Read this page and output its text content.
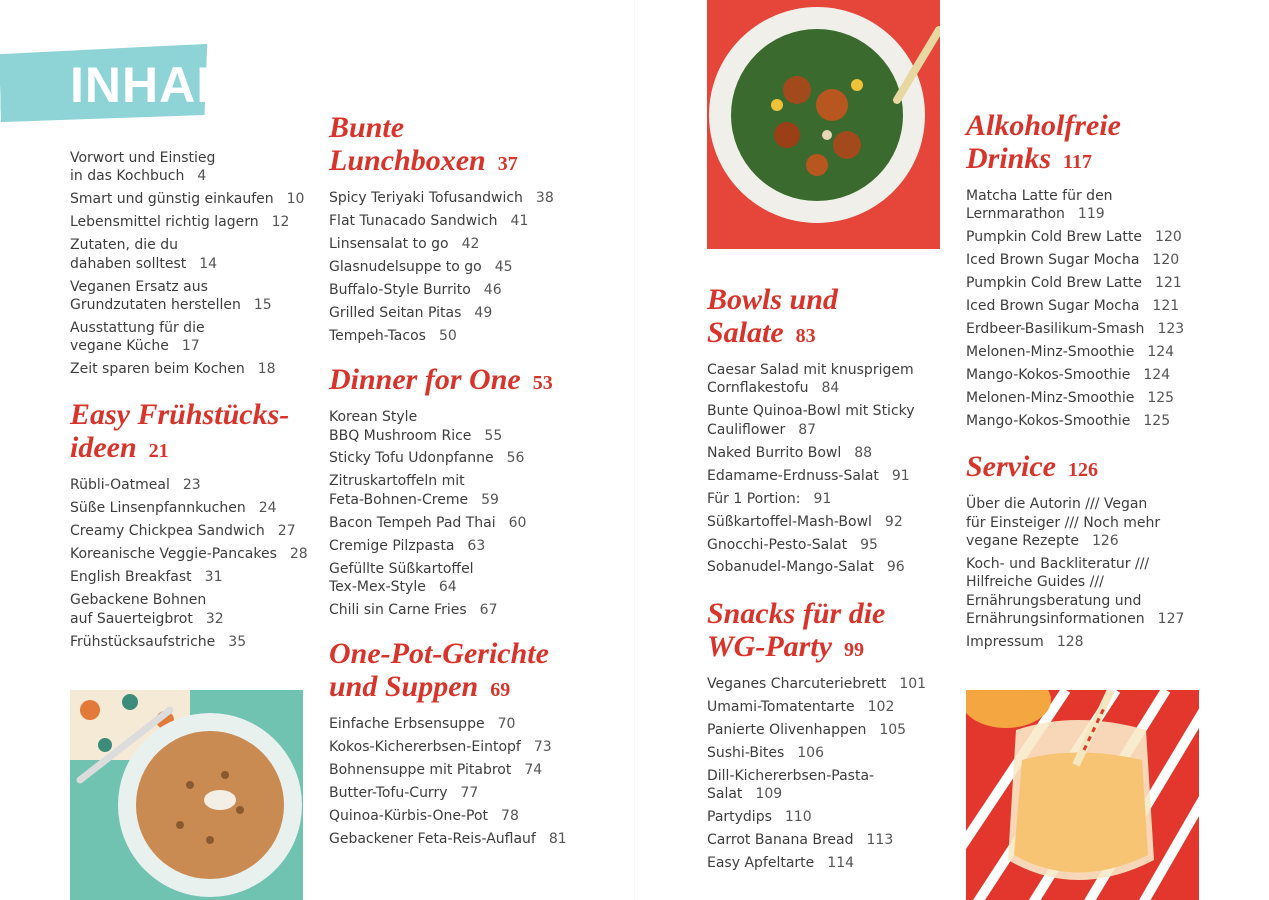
INHALT
Vorwort und Einstieg
in das Kochbuch 4
Smart und günstig einkaufen 10
Lebensmittel richtig lagern 12
Zutaten, die du
dahaben solltest 14
Veganen Ersatz aus
Grundzutaten herstellen 15
Ausstattung für die
vegane Küche 17
Zeit sparen beim Kochen 18
Easy Frühstücks-
ideen 21
Rübli-Oatmeal 23
Süße Linsenpfannkuchen 24
Creamy Chickpea Sandwich 27
Koreanische Veggie-Pancakes 28
English Breakfast 31
Gebackene Bohnen
auf Sauerteigbrot 32
Frühstücksaufstriche 35
Bunte Lunchboxen 37
Spicy Teriyaki Tofusandwich 38
Flat Tunacado Sandwich 41
Linsensalat to go 42
Glasnudelsuppe to go 45
Buffalo-Style Burrito 46
Grilled Seitan Pitas 49
Tempeh-Tacos 50
Dinner for One 53
Korean Style
BBQ Mushroom Rice 55
Sticky Tofu Udonpfanne 56
Zitruskartoffeln mit
Feta-Bohnen-Creme 59
Bacon Tempeh Pad Thai 60
Cremige Pilzpasta 63
Gefüllte Süßkartoffel
Tex-Mex-Style 64
Chili sin Carne Fries 67
One-Pot-Gerichte
und Suppen 69
Einfache Erbsensuppe 70
Kokos-Kichererbsen-Eintopf 73
Bohnensuppe mit Pitabrot 74
Butter-Tofu-Curry 77
Quinoa-Kürbis-One-Pot 78
Gebackener Feta-Reis-Auflauf 81
Bowls und Salate 83
Caesar Salad mit knusprigem
Cornflakestofu 84
Bunte Quinoa-Bowl mit Sticky
Cauliflower 87
Naked Burrito Bowl 88
Edamame-Erdnuss-Salat 91
Für 1 Portion: 91
Süßkartoffel-Mash-Bowl 92
Gnocchi-Pesto-Salat 95
Sobanudel-Mango-Salat 96
Snacks für die
WG-Party 99
Veganes Charcuteriebrett 101
Umami-Tomatentarte 102
Panierte Olivenhappen 105
Sushi-Bites 106
Dill-Kichererbsen-Pasta-Salat 109
Partydips 110
Carrot Banana Bread 113
Easy Apfeltarte 114
Alkoholfreie
Drinks 117
Matcha Latte für den
Lernmarathon 119
Pumpkin Cold Brew Latte 120
Iced Brown Sugar Mocha 120
Pumpkin Cold Brew Latte 121
Iced Brown Sugar Mocha 121
Erdbeer-Basilikum-Smash 123
Melonen-Minz-Smoothie 124
Mango-Kokos-Smoothie 124
Melonen-Minz-Smoothie 125
Mango-Kokos-Smoothie 125
Service 126
Über die Autorin /// Vegan
für Einsteiger /// Noch mehr
vegane Rezepte 126
Koch- und Backliteratur ///
Hilfreiche Guides ///
Ernährungsberatung und
Ernährungsinformationen 127
Impressum 128
